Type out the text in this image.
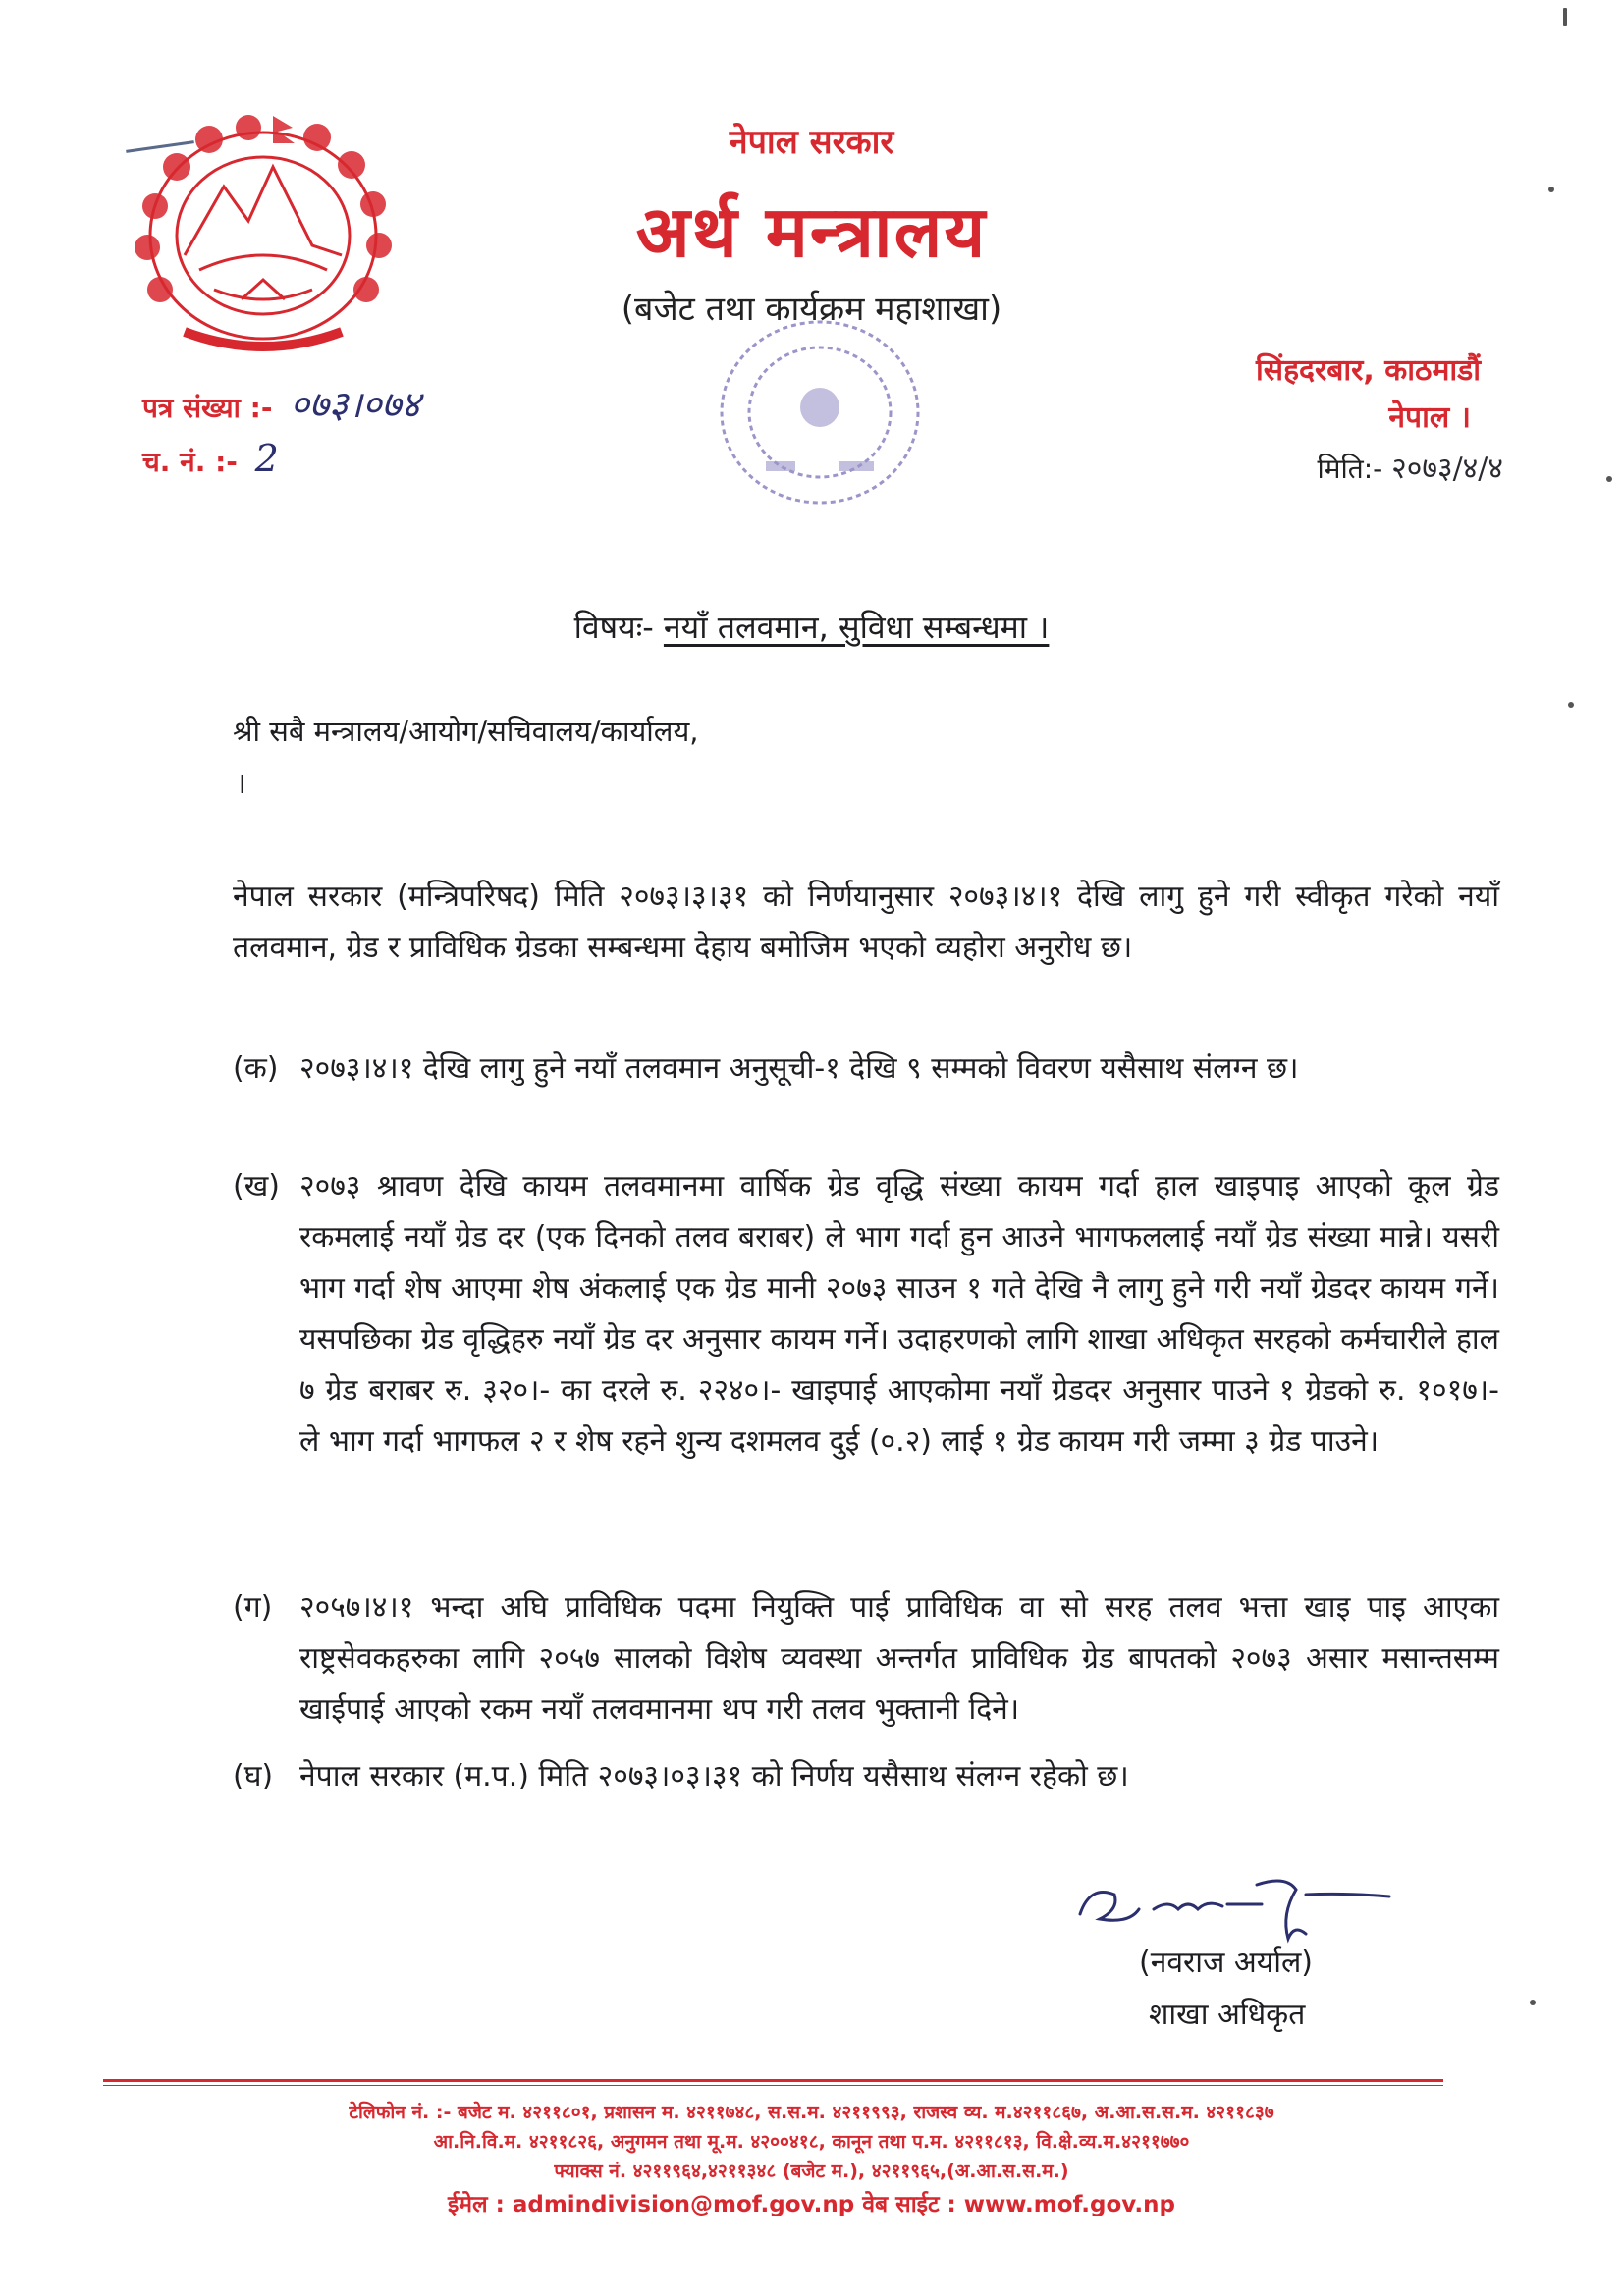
नेपाल सरकार
अर्थ मन्त्रालय
(बजेट तथा कार्यक्रम महाशाखा)
सिंहदरबार, काठमाडौं
नेपाल ।
पत्र संख्या :- ०७३।०७४
च. नं. :- 2	मिति:- २०७३/४/४
विषयः- नयाँ तलवमान, सुविधा सम्बन्धमा ।
श्री सबै मन्त्रालय/आयोग/सचिवालय/कार्यालय,
।
नेपाल सरकार (मन्त्रिपरिषद) मिति २०७३।३।३१ को निर्णयानुसार २०७३।४।१ देखि लागु हुने गरी स्वीकृत गरेको नयाँ तलवमान, ग्रेड र प्राविधिक ग्रेडका सम्बन्धमा देहाय बमोजिम भएको व्यहोरा अनुरोध छ।
(क) २०७३।४।१ देखि लागु हुने नयाँ तलवमान अनुसूची-१ देखि ९ सम्मको विवरण यसैसाथ संलग्न छ।
(ख) २०७३ श्रावण देखि कायम तलवमानमा वार्षिक ग्रेड वृद्धि संख्या कायम गर्दा हाल खाइपाइ आएको कूल ग्रेड रकमलाई नयाँ ग्रेड दर (एक दिनको तलव बराबर) ले भाग गर्दा हुन आउने भागफललाई नयाँ ग्रेड संख्या मान्ने। यसरी भाग गर्दा शेष आएमा शेष अंकलाई एक ग्रेड मानी २०७३ साउन १ गते देखि नै लागु हुने गरी नयाँ ग्रेडदर कायम गर्ने। यसपछिका ग्रेड वृद्धिहरु नयाँ ग्रेड दर अनुसार कायम गर्ने। उदाहरणको लागि शाखा अधिकृत सरहको कर्मचारीले हाल ७ ग्रेड बराबर रु. ३२०।- का दरले रु. २२४०।- खाइपाई आएकोमा नयाँ ग्रेडदर अनुसार पाउने १ ग्रेडको रु. १०१७।- ले भाग गर्दा भागफल २ र शेष रहने शुन्य दशमलव दुई (०.२) लाई १ ग्रेड कायम गरी जम्मा ३ ग्रेड पाउने।
(ग) २०५७।४।१ भन्दा अघि प्राविधिक पदमा नियुक्ति पाई प्राविधिक वा सो सरह तलव भत्ता खाइ पाइ आएका राष्ट्रसेवकहरुका लागि २०५७ सालको विशेष व्यवस्था अन्तर्गत प्राविधिक ग्रेड बापतको २०७३ असार मसान्तसम्म खाईपाई आएको रकम नयाँ तलवमानमा थप गरी तलव भुक्तानी दिने।
(घ) नेपाल सरकार (म.प.) मिति २०७३।०३।३१ को निर्णय यसैसाथ संलग्न रहेको छ।
(नवराज अर्याल)
शाखा अधिकृत
टेलिफोन नं. :- बजेट म. ४२११८०१, प्रशासन म. ४२११७४८, स.स.म. ४२११९९३, राजस्व व्य. म.४२११८६७, अ.आ.स.स.म. ४२११८३७
आ.नि.वि.म. ४२११८२६, अनुगमन तथा मू.म. ४२००४१८, कानून तथा प.म. ४२११८१३, वि.क्षे.व्य.म.४२११७७०
फ्याक्स नं. ४२११९६४,४२११३४८ (बजेट म.), ४२११९६५,(अ.आ.स.स.म.)
ईमेल : admindivision@mof.gov.np वेब साईट : www.mof.gov.np
